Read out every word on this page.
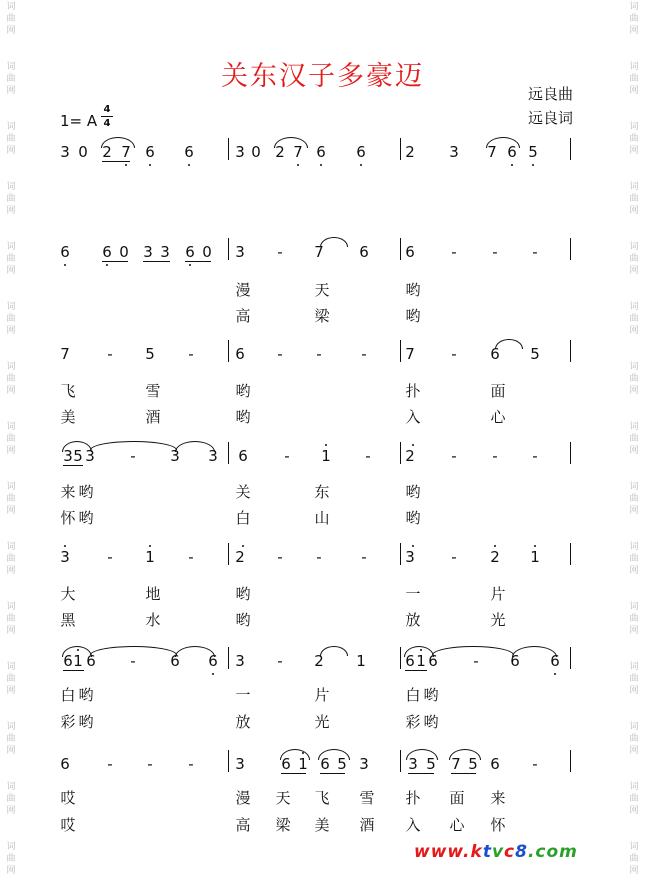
词
曲
网
词
曲
网
词
曲
网
词
曲
网
词
曲
网
词
曲
网
词
曲
网
词
曲
网
词
曲
网
词
曲
网
词
曲
网
词
曲
网
词
曲
网
词
曲
网
词
曲
网
词
曲
网
词
曲
网
词
曲
网
词
曲
网
词
曲
网
词
曲
网
词
曲
网
词
曲
网
词
曲
网
词
曲
网
词
曲
网
词
曲
网
词
曲
网
词
曲
网
词
曲
网
关东汉子多豪迈
远良曲
远良词
1= A
4
4
3 0 2 7 6 6	3 0 2 7 6 6	2 3 7 6 5
6 6 0 3 3 6 0 3 - 7 6 6 - - -
漫	天	哟
高	梁	哟
7	- 5 -	6 - -	-	7 - 6 5
飞	雪	哟	扑	面
美	酒	哟	入	心
3 5 3 - 3 3 6 - 1 - 2 - - -
来 哟	关	东	哟
怀 哟	白	山	哟
3	- 1 -	2 - -	-	3 - 2 1
大	地	哟	一	片
黑	水	哟	放	光
6 1 6 - 6 6 3 - 2 1	6 1 6 - 6 6
白 哟	一	片	白 哟
彩 哟	放	光	彩 哟
6	- - -	3 6 1 6 5 3	3 5 7 5 6 -
哎	漫 天 飞 雪 扑 面 来
哎	高 梁 美 酒 入 心 怀
www.ktvc8.com
